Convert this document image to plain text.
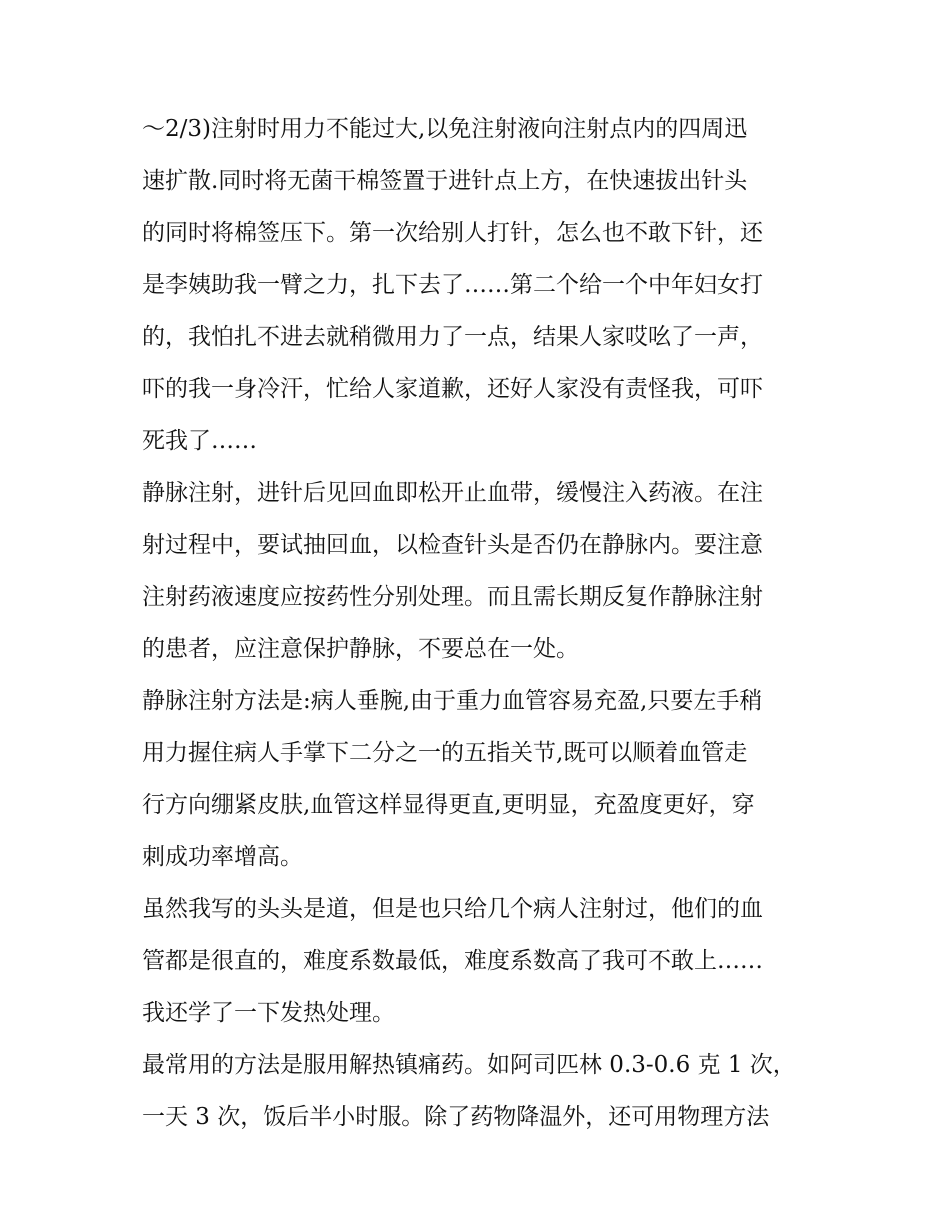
～2/3)注射时用力不能过大,以免注射液向注射点内的四周迅
速扩散.同时将无菌干棉签置于进针点上方，在快速拔出针头
的同时将棉签压下。第一次给别人打针，怎么也不敢下针，还
是李姨助我一臂之力，扎下去了……第二个给一个中年妇女打
的，我怕扎不进去就稍微用力了一点，结果人家哎吆了一声，
吓的我一身冷汗，忙给人家道歉，还好人家没有责怪我，可吓
死我了……
静脉注射，进针后见回血即松开止血带，缓慢注入药液。在注
射过程中，要试抽回血，以检查针头是否仍在静脉内。要注意
注射药液速度应按药性分别处理。而且需长期反复作静脉注射
的患者，应注意保护静脉，不要总在一处。
静脉注射方法是:病人垂腕,由于重力血管容易充盈,只要左手稍
用力握住病人手掌下二分之一的五指关节,既可以顺着血管走
行方向绷紧皮肤,血管这样显得更直,更明显，充盈度更好，穿
刺成功率增高。
虽然我写的头头是道，但是也只给几个病人注射过，他们的血
管都是很直的，难度系数最低，难度系数高了我可不敢上……
我还学了一下发热处理。
最常用的方法是服用解热镇痛药。如阿司匹林 0.3-0.6 克 1 次，
一天 3 次，饭后半小时服。除了药物降温外，还可用物理方法
